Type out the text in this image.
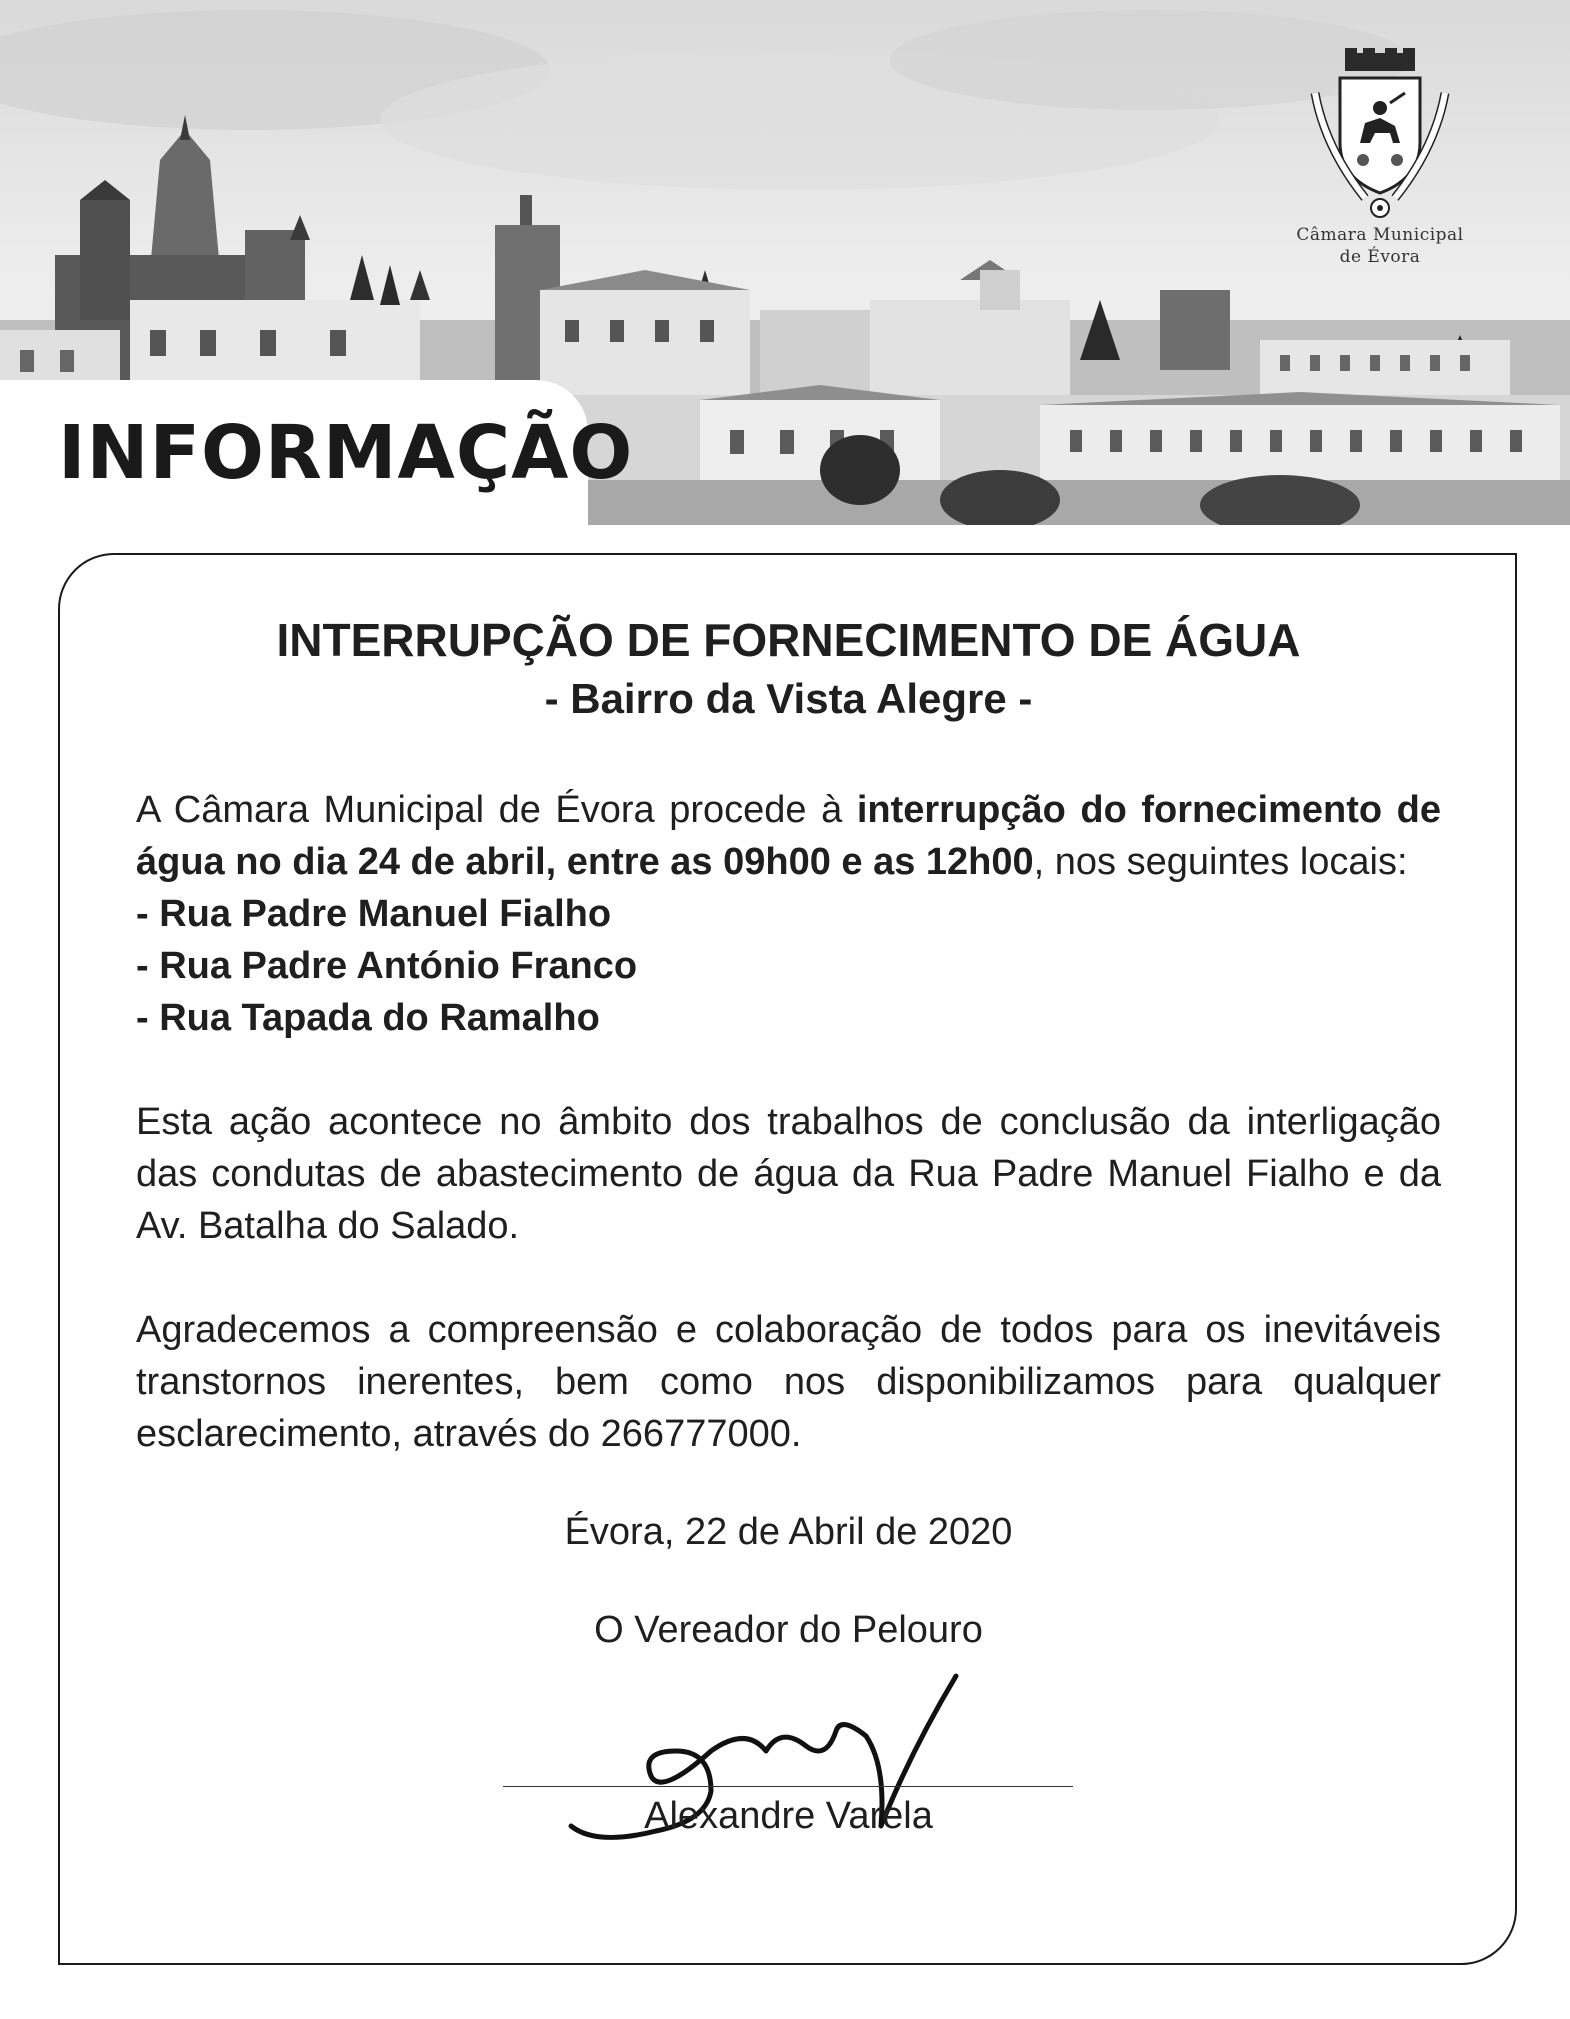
Câmara Municipal
de Évora
INFORMAÇÃO
INTERRUPÇÃO DE FORNECIMENTO DE ÁGUA
- Bairro da Vista Alegre -

A Câmara Municipal de Évora procede à interrupção do fornecimento de água no dia 24 de abril, entre as 09h00 e as 12h00, nos seguintes locais:

- Rua Padre Manuel Fialho

- Rua Padre António Franco

- Rua Tapada do Ramalho

Esta ação acontece no âmbito dos trabalhos de conclusão da interligação das condutas de abastecimento de água da Rua Padre Manuel Fialho e da Av. Batalha do Salado.

Agradecemos a compreensão e colaboração de todos para os inevitáveis transtornos inerentes, bem como nos disponibilizamos para qualquer esclarecimento, através do 266777000.

Évora, 22 de Abril de 2020
O Vereador do Pelouro
Alexandre Varela
